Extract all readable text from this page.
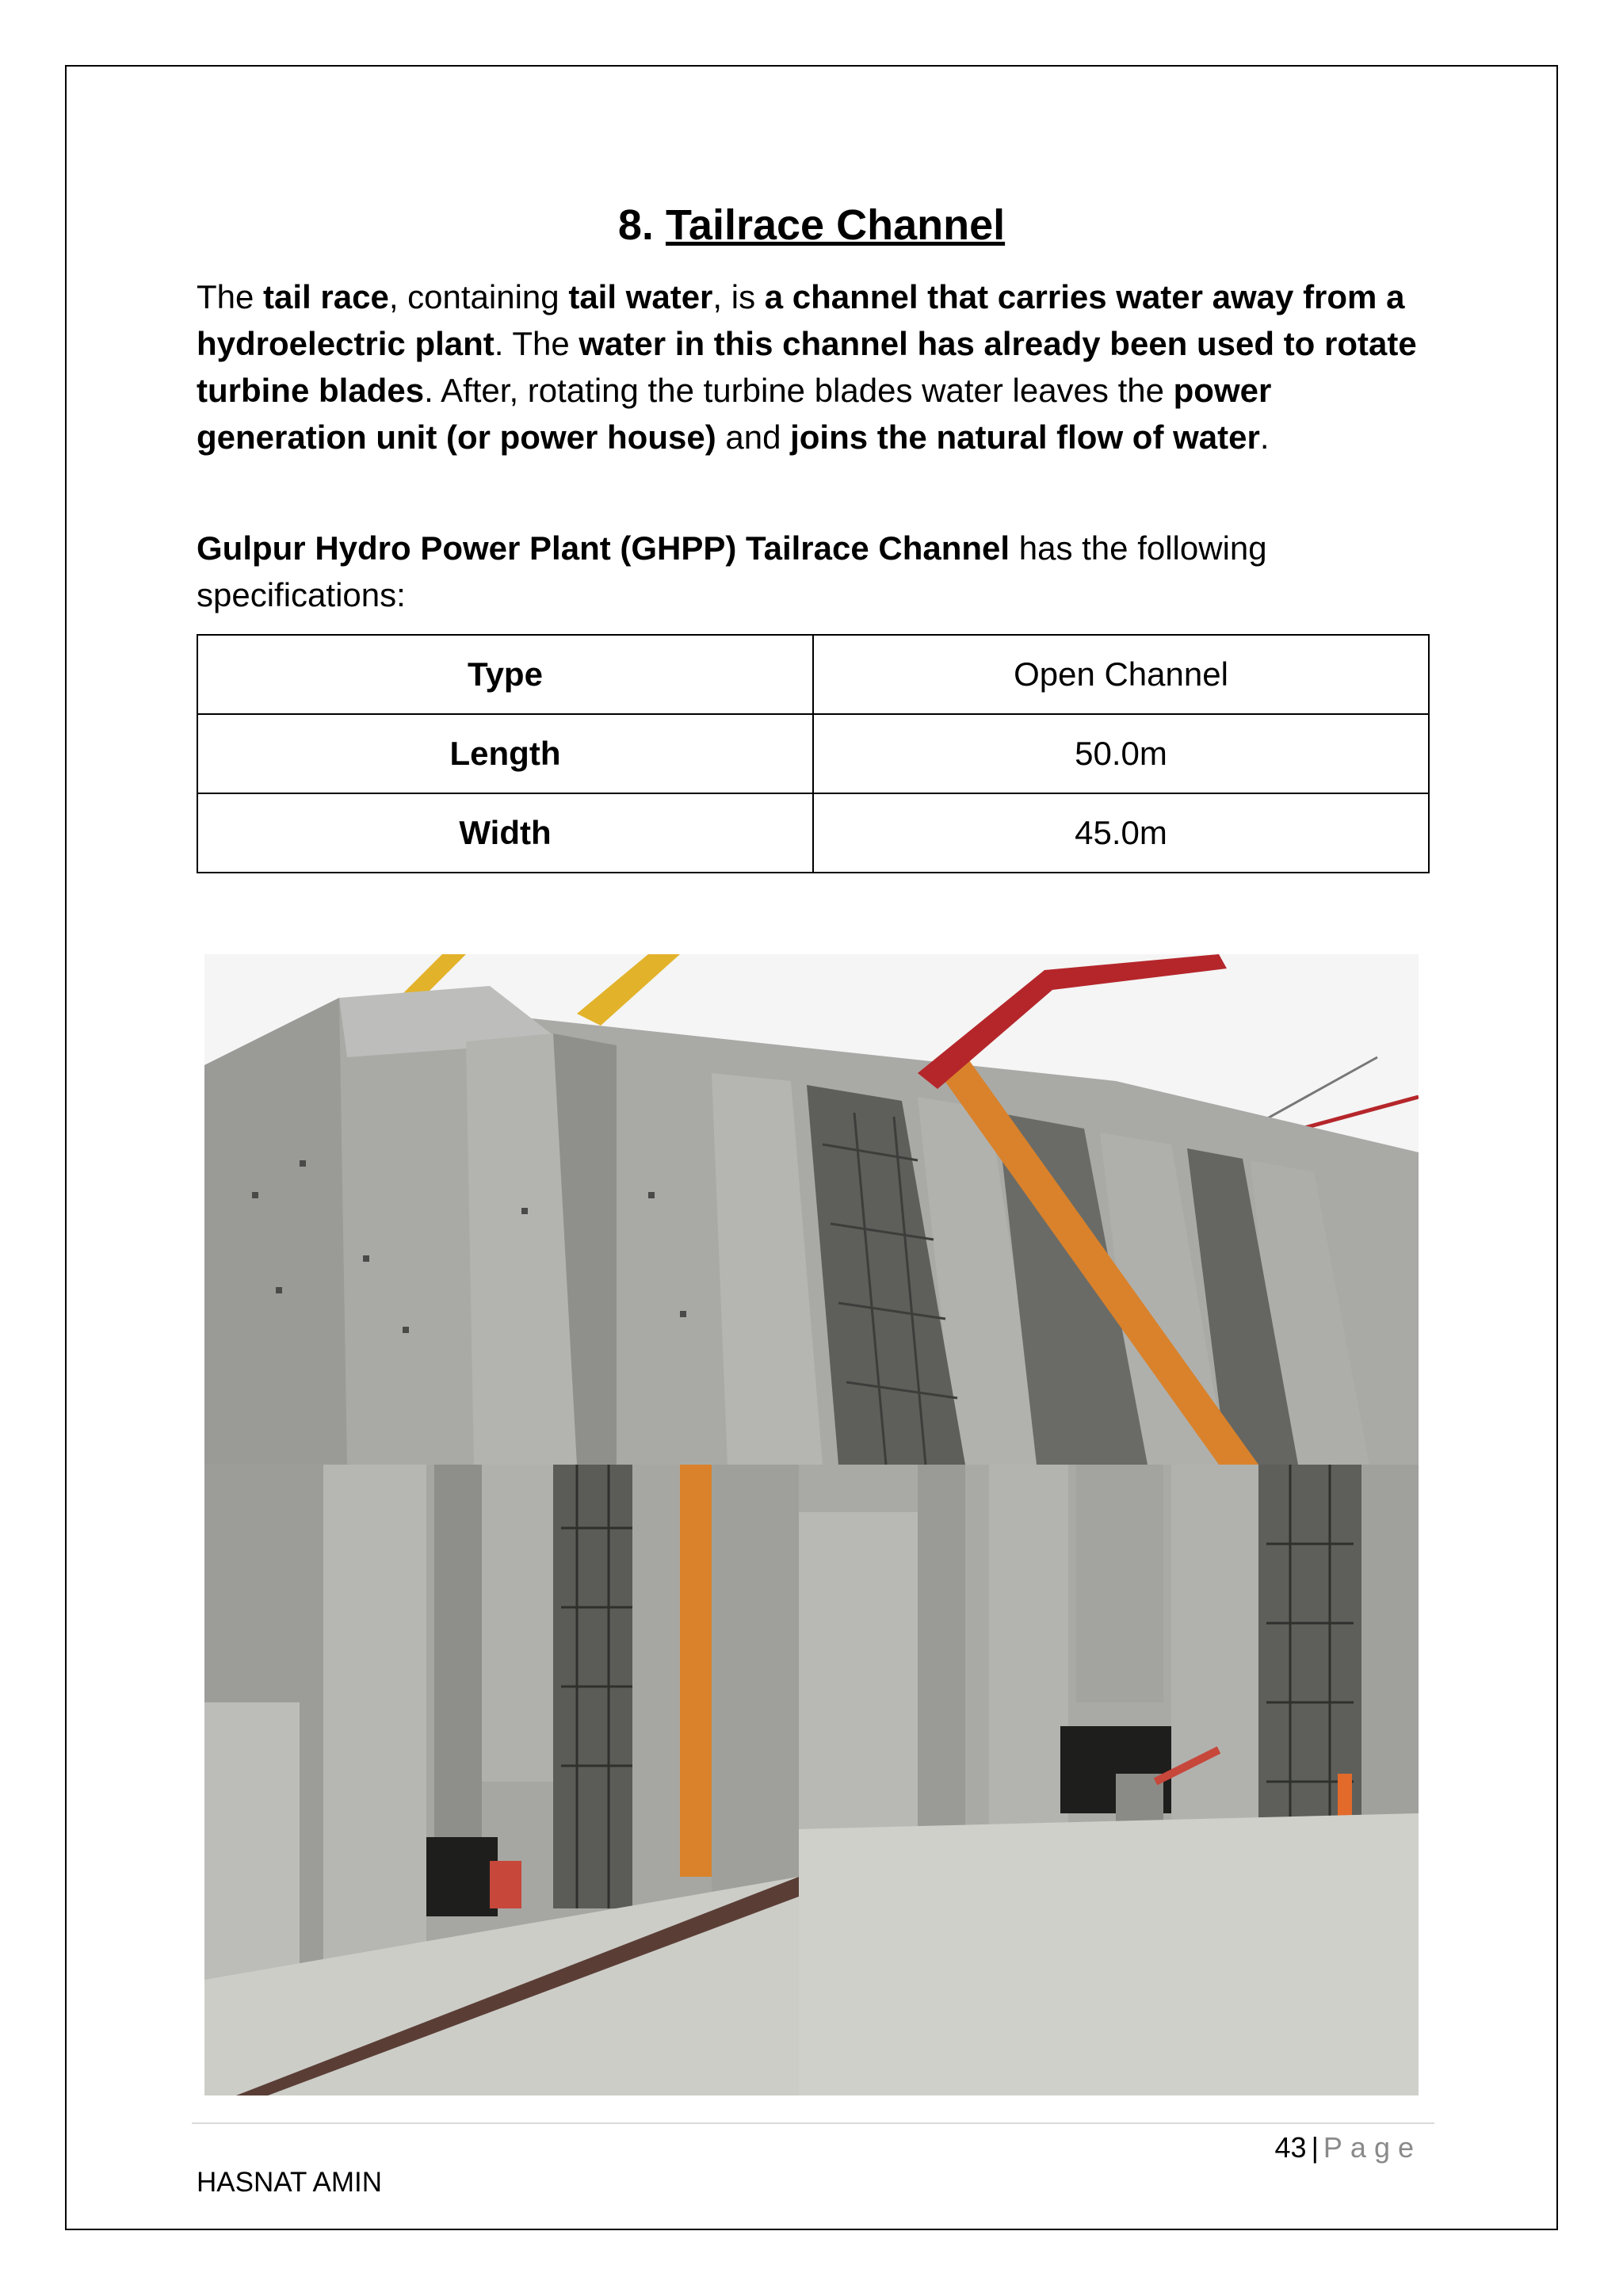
8. Tailrace Channel
The tail race, containing tail water, is a channel that carries water away from a hydroelectric plant. The water in this channel has already been used to rotate turbine blades. After, rotating the turbine blades water leaves the power generation unit (or power house) and joins the natural flow of water.
Gulpur Hydro Power Plant (GHPP) Tailrace Channel has the following specifications:
Type	Open Channel
Length	50.0m
Width	45.0m
43 | Page
HASNAT AMIN
